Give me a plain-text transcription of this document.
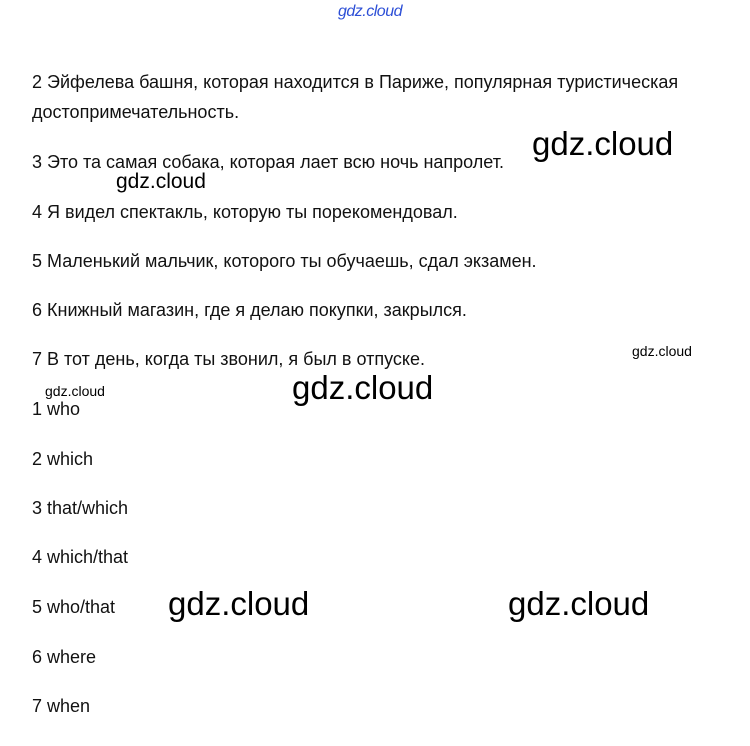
gdz.cloud
2 Эйфелева башня, которая находится в Париже, популярная туристическая
достопримечательность.
3 Это та самая собака, которая лает всю ночь напролет.
4 Я видел спектакль, которую ты порекомендовал.
5 Маленький мальчик, которого ты обучаешь, сдал экзамен.
6 Книжный магазин, где я делаю покупки, закрылся.
7 В тот день, когда ты звонил, я был в отпуске.
1 who
2 which
3 that/which
4 which/that
5 who/that
6 where
7 when
gdz.cloud
gdz.cloud
gdz.cloud
gdz.cloud	gdz.cloud
gdz.cloud	gdz.cloud
